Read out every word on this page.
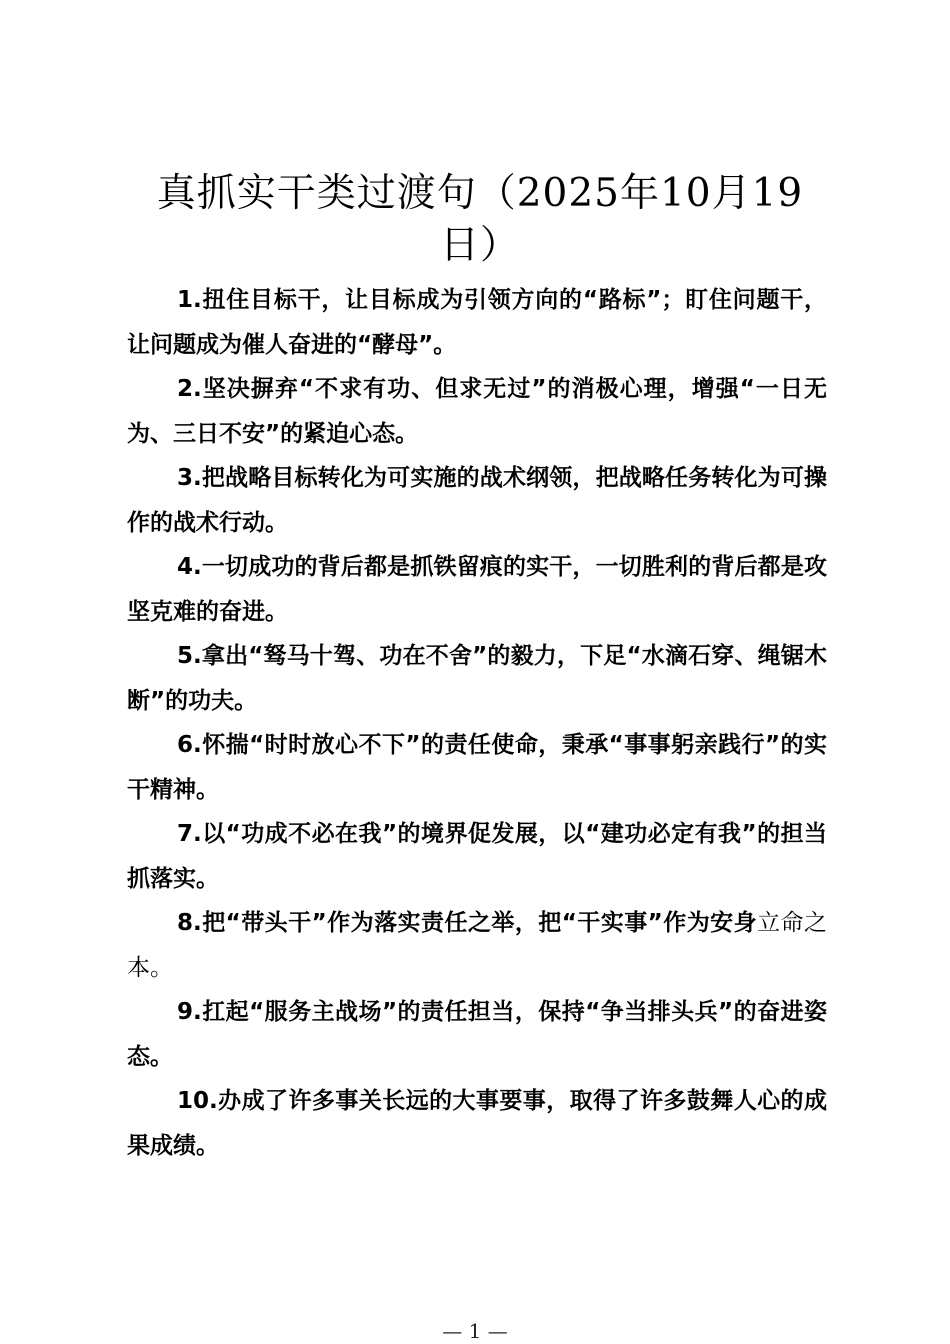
真抓实干类过渡句（2025年10月19日）

1.扭住目标干，让目标成为引领方向的“路标”；盯住问题干，让问题成为催人奋进的“酵母”。

2.坚决摒弃“不求有功、但求无过”的消极心理，增强“一日无为、三日不安”的紧迫心态。

3.把战略目标转化为可实施的战术纲领，把战略任务转化为可操作的战术行动。

4.一切成功的背后都是抓铁留痕的实干，一切胜利的背后都是攻坚克难的奋进。

5.拿出“驽马十驾、功在不舍”的毅力，下足“水滴石穿、绳锯木断”的功夫。

6.怀揣“时时放心不下”的责任使命，秉承“事事躬亲践行”的实干精神。

7.以“功成不必在我”的境界促发展，以“建功必定有我”的担当抓落实。

8.把“带头干”作为落实责任之举，把“干实事”作为安身立命之本。

9.扛起“服务主战场”的责任担当，保持“争当排头兵”的奋进姿态。

10.办成了许多事关长远的大事要事，取得了许多鼓舞人心的成果成绩。

— 1 —
